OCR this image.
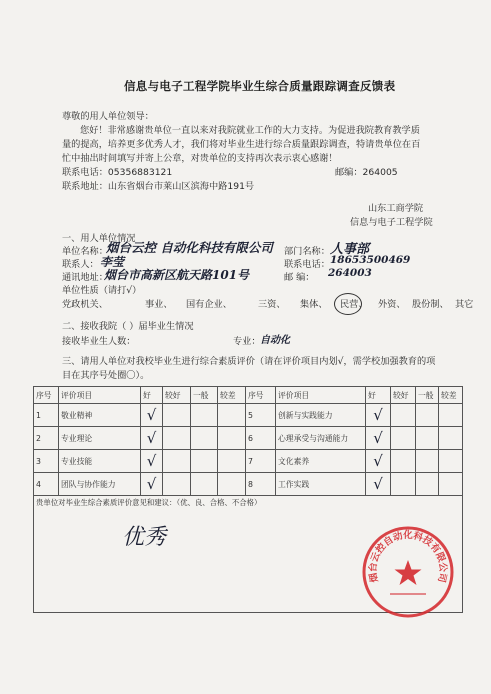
信息与电子工程学院毕业生综合质量跟踪调查反馈表
尊敬的用人单位领导：
您好！非常感谢贵单位一直以来对我院就业工作的大力支持。为促进我院教育教学质
量的提高，培养更多优秀人才，我们将对毕业生进行综合质量跟踪调查，特请贵单位在百
忙中抽出时间填写并寄上公章，对贵单位的支持再次表示衷心感谢！
联系电话：05356883121	邮编：264005
联系地址：山东省烟台市莱山区滨海中路191号
山东工商学院
信息与电子工程学院
一、用人单位情况
单位名称：
烟台云控 自动化科技有限公司 部门名称： 人事部
联系人： 李莹	联系电话： 18653500469
通讯地址：
烟台市高新区航天路101号	邮 编： 264003
单位性质（请打√）
党政机关、	事业、 国有企业、	三资、 集体、 民营、 外资、 股份制、 其它
二、接收我院（ ）届毕业生情况
接收毕业生人数：	专业： 自动化
三、请用人单位对我校毕业生进行综合素质评价（请在评价项目内划√，需学校加强教育的项
目在其序号处圈〇）。
序号	评价项目	好	较好	一般	较差	序号	评价项目	好	较好	一般	较差
1	敬业精神	√				5	创新与实践能力	√			
2	专业理论	√				6	心理承受与沟通能力	√			
3	专业技能	√				7	文化素养	√			
4	团队与协作能力	√				8	工作实践	√			
贵单位对毕业生综合素质评价意见和建议：（优、良、合格、不合格）
优秀
烟台云控自动化科技有限公司
